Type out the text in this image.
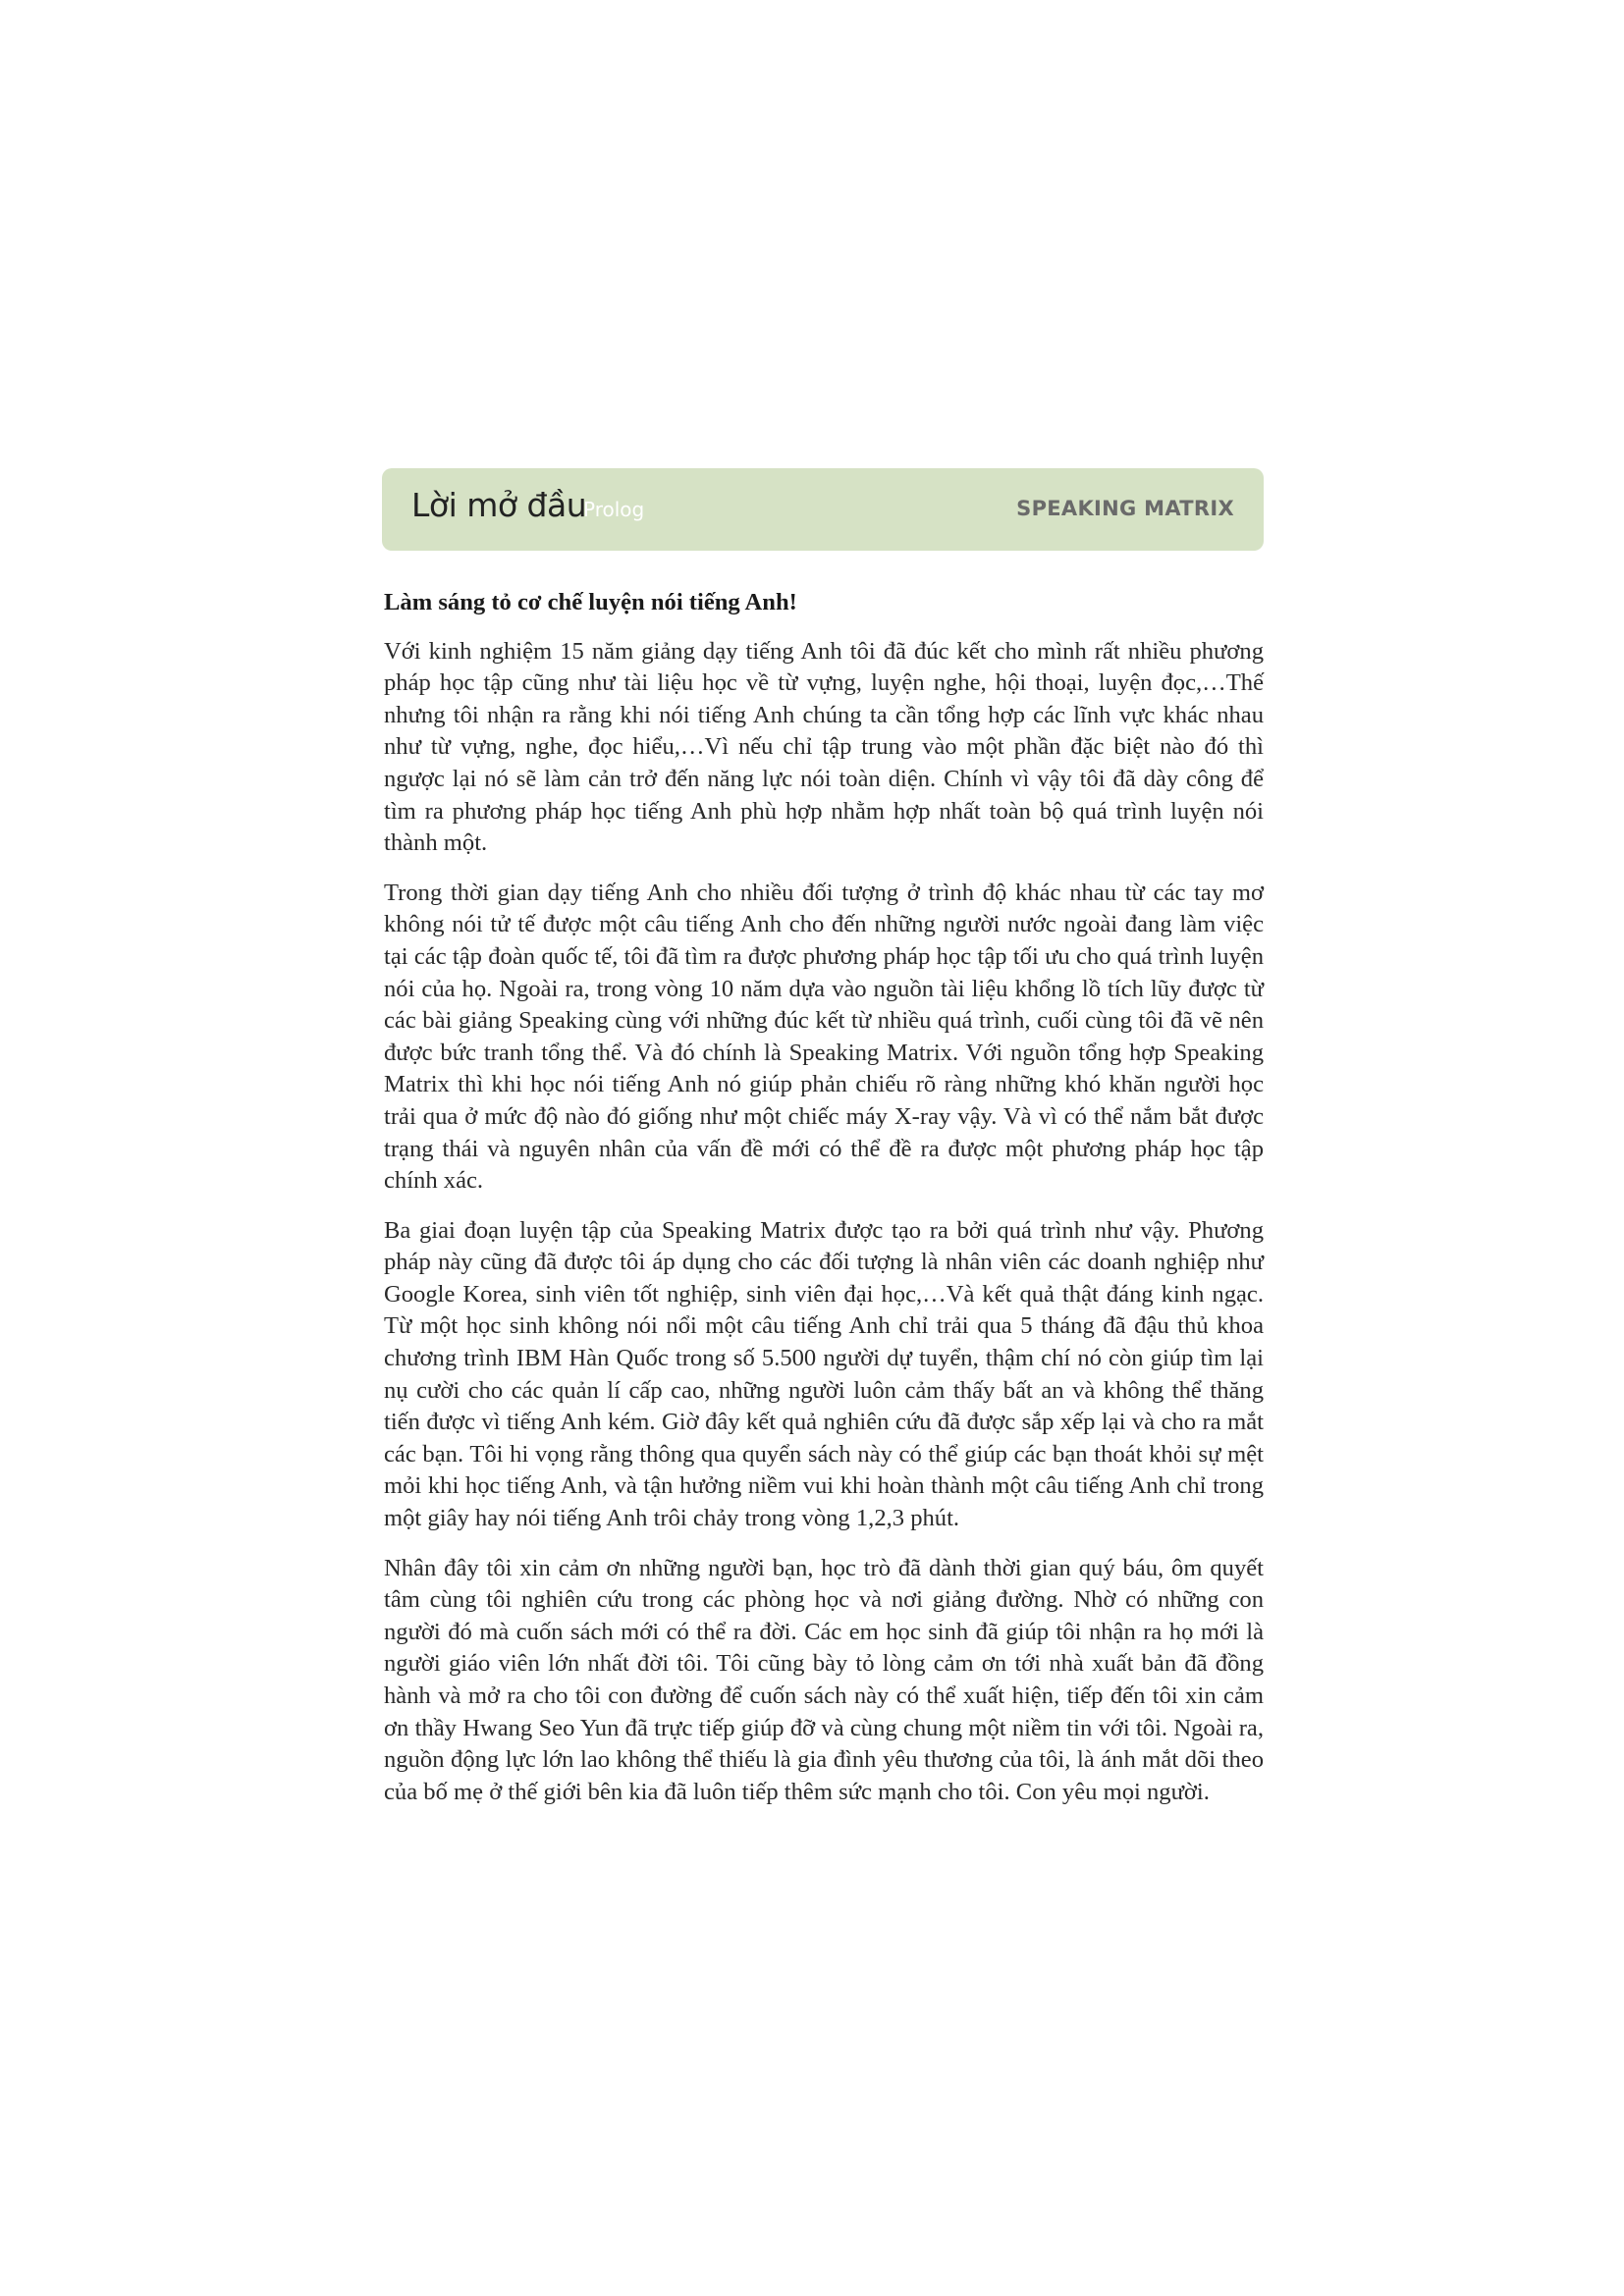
Lời mở đầu
Prolog	SPEAKING MATRIX

Làm sáng tỏ cơ chế luyện nói tiếng Anh!

Với kinh nghiệm 15 năm giảng dạy tiếng Anh tôi đã đúc kết cho mình rất nhiều phương pháp học tập cũng như tài liệu học về từ vựng, luyện nghe, hội thoại, luyện đọc,…Thế nhưng tôi nhận ra rằng khi nói tiếng Anh chúng ta cần tổng hợp các lĩnh vực khác nhau như từ vựng, nghe, đọc hiểu,…Vì nếu chỉ tập trung vào một phần đặc biệt nào đó thì ngược lại nó sẽ làm cản trở đến năng lực nói toàn diện. Chính vì vậy tôi đã dày công để tìm ra phương pháp học tiếng Anh phù hợp nhằm hợp nhất toàn bộ quá trình luyện nói thành một.

Trong thời gian dạy tiếng Anh cho nhiều đối tượng ở trình độ khác nhau từ các tay mơ không nói tử tế được một câu tiếng Anh cho đến những người nước ngoài đang làm việc tại các tập đoàn quốc tế, tôi đã tìm ra được phương pháp học tập tối ưu cho quá trình luyện nói của họ. Ngoài ra, trong vòng 10 năm dựa vào nguồn tài liệu khổng lồ tích lũy được từ các bài giảng Speaking cùng với những đúc kết từ nhiều quá trình, cuối cùng tôi đã vẽ nên được bức tranh tổng thể. Và đó chính là Speaking Matrix. Với nguồn tổng hợp Speaking Matrix thì khi học nói tiếng Anh nó giúp phản chiếu rõ ràng những khó khăn người học trải qua ở mức độ nào đó giống như một chiếc máy X-ray vậy. Và vì có thể nắm bắt được trạng thái và nguyên nhân của vấn đề mới có thể đề ra được một phương pháp học tập chính xác.

Ba giai đoạn luyện tập của Speaking Matrix được tạo ra bởi quá trình như vậy. Phương pháp này cũng đã được tôi áp dụng cho các đối tượng là nhân viên các doanh nghiệp như Google Korea, sinh viên tốt nghiệp, sinh viên đại học,…Và kết quả thật đáng kinh ngạc. Từ một học sinh không nói nổi một câu tiếng Anh chỉ trải qua 5 tháng đã đậu thủ khoa chương trình IBM Hàn Quốc trong số 5.500 người dự tuyển, thậm chí nó còn giúp tìm lại nụ cười cho các quản lí cấp cao, những người luôn cảm thấy bất an và không thể thăng tiến được vì tiếng Anh kém. Giờ đây kết quả nghiên cứu đã được sắp xếp lại và cho ra mắt các bạn. Tôi hi vọng rằng thông qua quyển sách này có thể giúp các bạn thoát khỏi sự mệt mỏi khi học tiếng Anh, và tận hưởng niềm vui khi hoàn thành một câu tiếng Anh chỉ trong một giây hay nói tiếng Anh trôi chảy trong vòng 1,2,3 phút.

Nhân đây tôi xin cảm ơn những người bạn, học trò đã dành thời gian quý báu, ôm quyết tâm cùng tôi nghiên cứu trong các phòng học và nơi giảng đường. Nhờ có những con người đó mà cuốn sách mới có thể ra đời. Các em học sinh đã giúp tôi nhận ra họ mới là người giáo viên lớn nhất đời tôi. Tôi cũng bày tỏ lòng cảm ơn tới nhà xuất bản đã đồng hành và mở ra cho tôi con đường để cuốn sách này có thể xuất hiện, tiếp đến tôi xin cảm ơn thầy Hwang Seo Yun đã trực tiếp giúp đỡ và cùng chung một niềm tin với tôi. Ngoài ra, nguồn động lực lớn lao không thể thiếu là gia đình yêu thương của tôi, là ánh mắt dõi theo của bố mẹ ở thế giới bên kia đã luôn tiếp thêm sức mạnh cho tôi. Con yêu mọi người.
